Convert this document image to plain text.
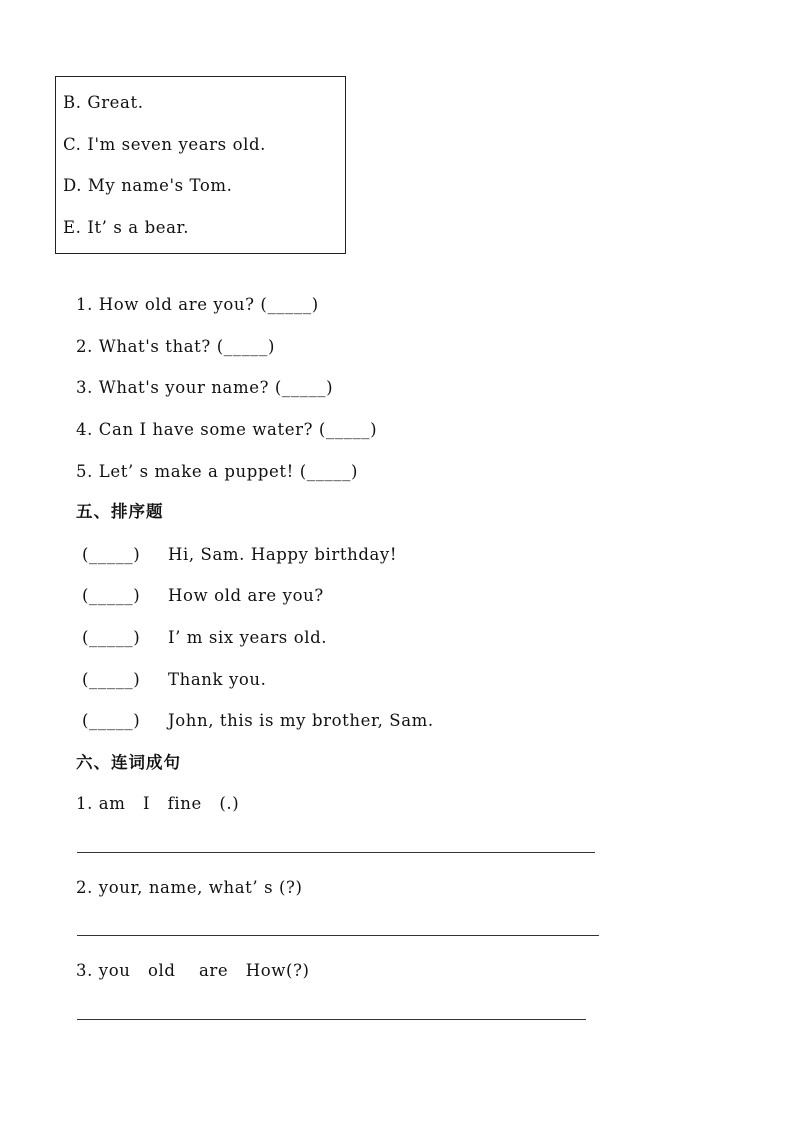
B. Great.
C. I'm seven years old.
D. My name's Tom.
E. It’ s a bear.
1. How old are you? (_____)
2. What's that? (_____)
3. What's your name? (_____)
4. Can I have some water? (_____)
5. Let’ s make a puppet! (_____)
五、排序题
(_____) Hi, Sam. Happy birthday!
(_____) How old are you?
(_____) I’ m six years old.
(_____) Thank you.
(_____) John, this is my brother, Sam.
六、连词成句
1. am   I   fine   (.)
2. your, name, what’ s (?)
3. you   old    are   How(?)
